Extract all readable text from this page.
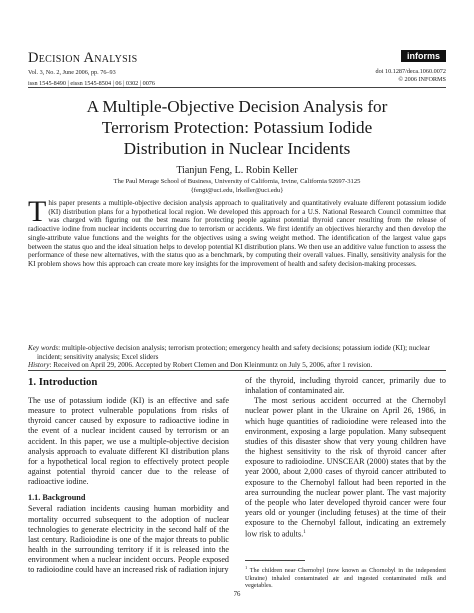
Decision Analysis
Vol. 3, No. 2, June 2006, pp. 76–93
issn 1545-8490 | eissn 1545-8504 | 06 | 0302 | 0076
informs
doi 10.1287/deca.1060.0072
© 2006 INFORMS
A Multiple-Objective Decision Analysis for
Terrorism Protection: Potassium Iodide
Distribution in Nuclear Incidents
Tianjun Feng, L. Robin Keller
The Paul Merage School of Business, University of California, Irvine, California 92697-3125
{fengt@uci.edu, lrkeller@uci.edu}
This paper presents a multiple-objective decision analysis approach to qualitatively and quantitatively evaluate different potassium iodide (KI) distribution plans for a hypothetical local region. We developed this approach for a U.S. National Research Council committee that was charged with figuring out the best means for protecting people against potential thyroid cancer resulting from the release of radioactive iodine from nuclear incidents occurring due to terrorism or accidents. We first identify an objectives hierarchy and then develop the single-attribute value functions and the weights for the objectives using a swing weight method. The identification of the largest value gaps between the status quo and the ideal situation helps to develop potential KI distribution plans. We then use an additive value function to assess the performance of these new alternatives, with the status quo as a benchmark, by computing their overall values. Finally, sensitivity analysis for the KI problem shows how this approach can create more key insights for the improvement of health and safety decision-making processes.
Key words: multiple-objective decision analysis; terrorism protection; emergency health and safety decisions; potassium iodide (KI); nuclear incident; sensitivity analysis; Excel sliders
History: Received on April 29, 2006. Accepted by Robert Clemen and Don Kleinmuntz on July 5, 2006, after 1 revision.
1. Introduction

The use of potassium iodide (KI) is an effective and safe measure to protect vulnerable populations from risks of thyroid cancer caused by exposure to radioactive iodine in the event of a nuclear incident caused by terrorism or an accident. In this paper, we use a multiple-objective decision analysis approach to evaluate different KI distribution plans for a hypothetical local region to effectively protect people against potential thyroid cancer due to the release of radioactive iodine.

1.1. Background

Several radiation incidents causing human morbidity and mortality occurred subsequent to the adoption of nuclear technologies to generate electricity in the second half of the last century. Radioiodine is one of the major threats to public health in the surrounding territory if it is released into the environment when a nuclear incident occurs. People exposed to radioiodine could have an increased risk of radiation injury

of the thyroid, including thyroid cancer, primarily due to inhalation of contaminated air.

The most serious accident occurred at the Chernobyl nuclear power plant in the Ukraine on April 26, 1986, in which huge quantities of radioiodine were released into the environment, exposing a large population. Many subsequent studies of this disaster show that very young children have the highest sensitivity to the risk of thyroid cancer after exposure to radioiodine. UNSCEAR (2000) states that by the year 2000, about 2,000 cases of thyroid cancer attributed to exposure to the Chernobyl fallout had been reported in the area surrounding the nuclear power plant. The vast majority of the people who later developed thyroid cancer were four years old or younger (including fetuses) at the time of their exposure to the Chernobyl fallout, indicating an extremely low risk to adults.$^1$

$^1$ The children near Chernobyl (now known as Chornobyl in the independent Ukraine) inhaled contaminated air and ingested contaminated milk and vegetables.
76
